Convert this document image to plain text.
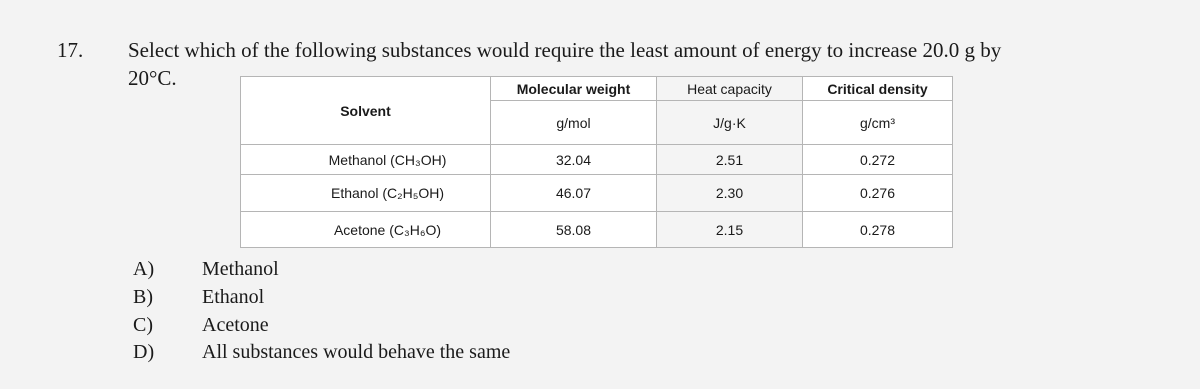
17. Select which of the following substances would require the least amount of energy to increase 20.0 g by
20°C.
Solvent	Molecular weight	Heat capacity	Critical density
	g/mol	J/g·K	g/cm³
Methanol (CH₃OH)	32.04	2.51	0.272
Ethanol (C₂H₅OH)	46.07	2.30	0.276
Acetone (C₃H₆O)	58.08	2.15	0.278
A) Methanol
B) Ethanol
C) Acetone
D) All substances would behave the same
